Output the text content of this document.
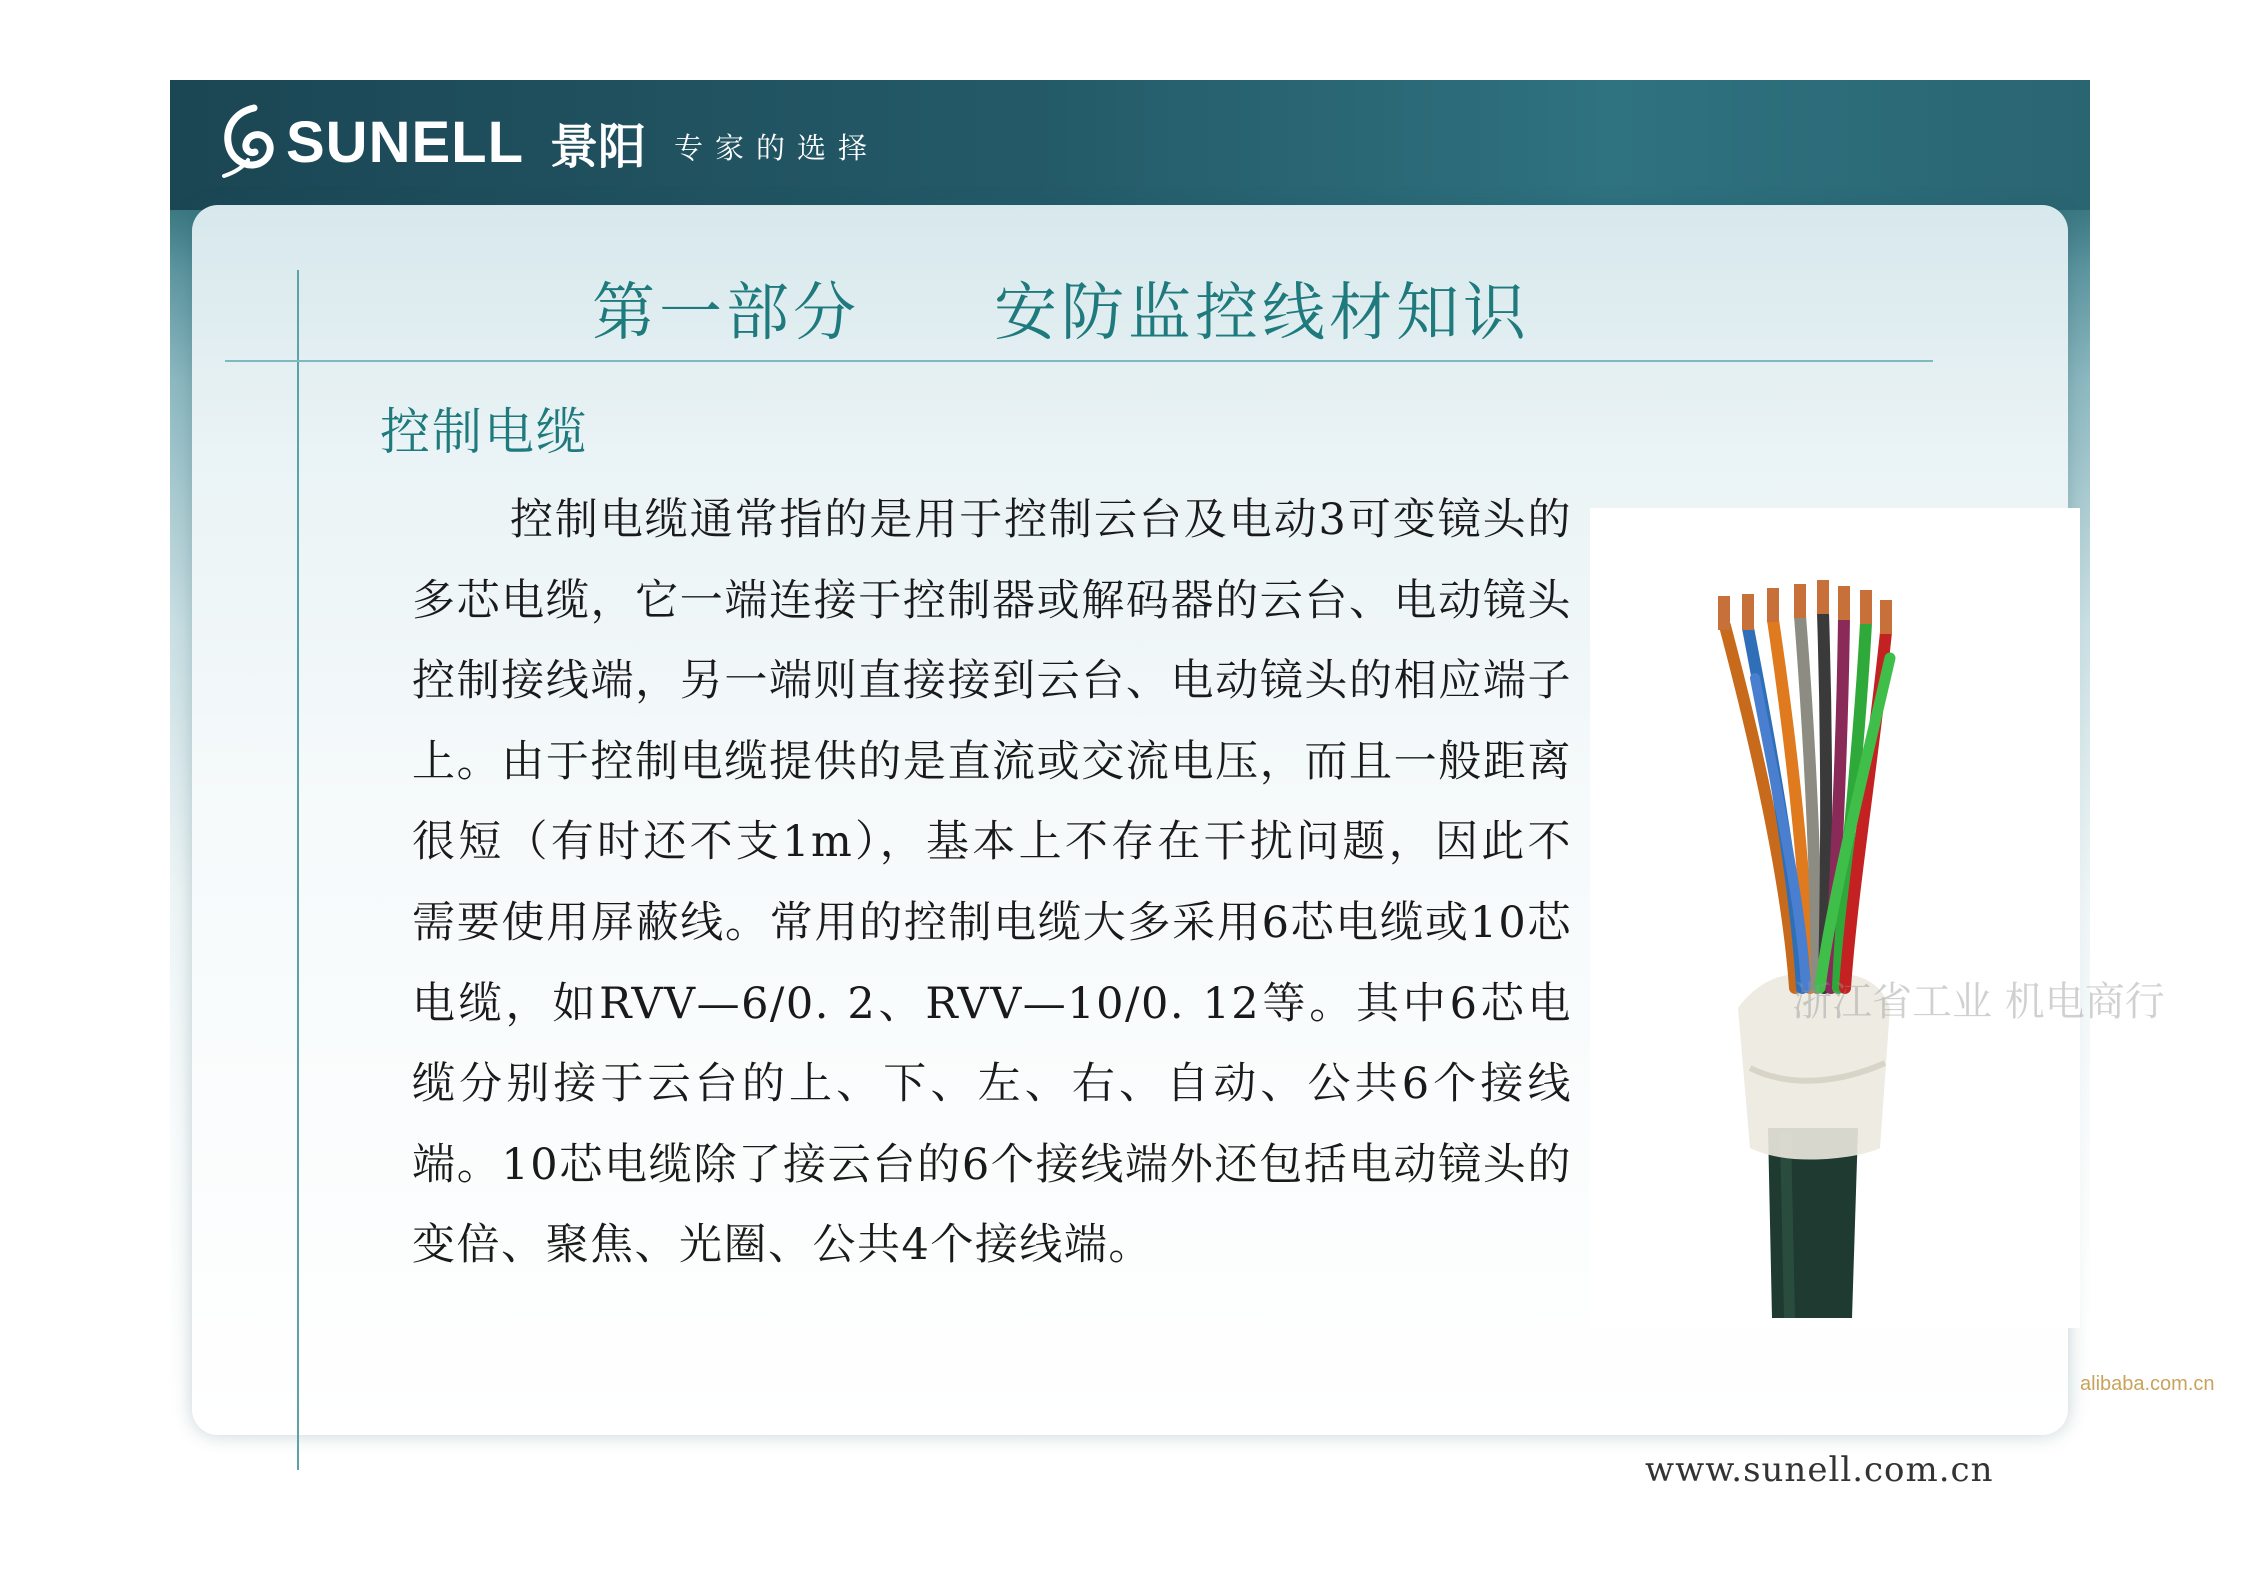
SUNELL 景阳 专家的选择
第一部分　　安防监控线材知识
控制电缆
控制电缆通常指的是用于控制云台及电动3可变镜头的多芯电缆，它一端连接于控制器或解码器的云台、电动镜头控制接线端，另一端则直接接到云台、电动镜头的相应端子上。由于控制电缆提供的是直流或交流电压，而且一般距离很短（有时还不支1m），基本上不存在干扰问题，因此不需要使用屏蔽线。常用的控制电缆大多采用6芯电缆或10芯电缆，如RVV—6/0. 2、RVV—10/0. 12等。其中6芯电缆分别接于云台的上、下、左、右、自动、公共6个接线端。10芯电缆除了接云台的6个接线端外还包括电动镜头的变倍、聚焦、光圈、公共4个接线端。
浙江省工业 机电商行
alibaba.com.cn
www.sunell.com.cn
